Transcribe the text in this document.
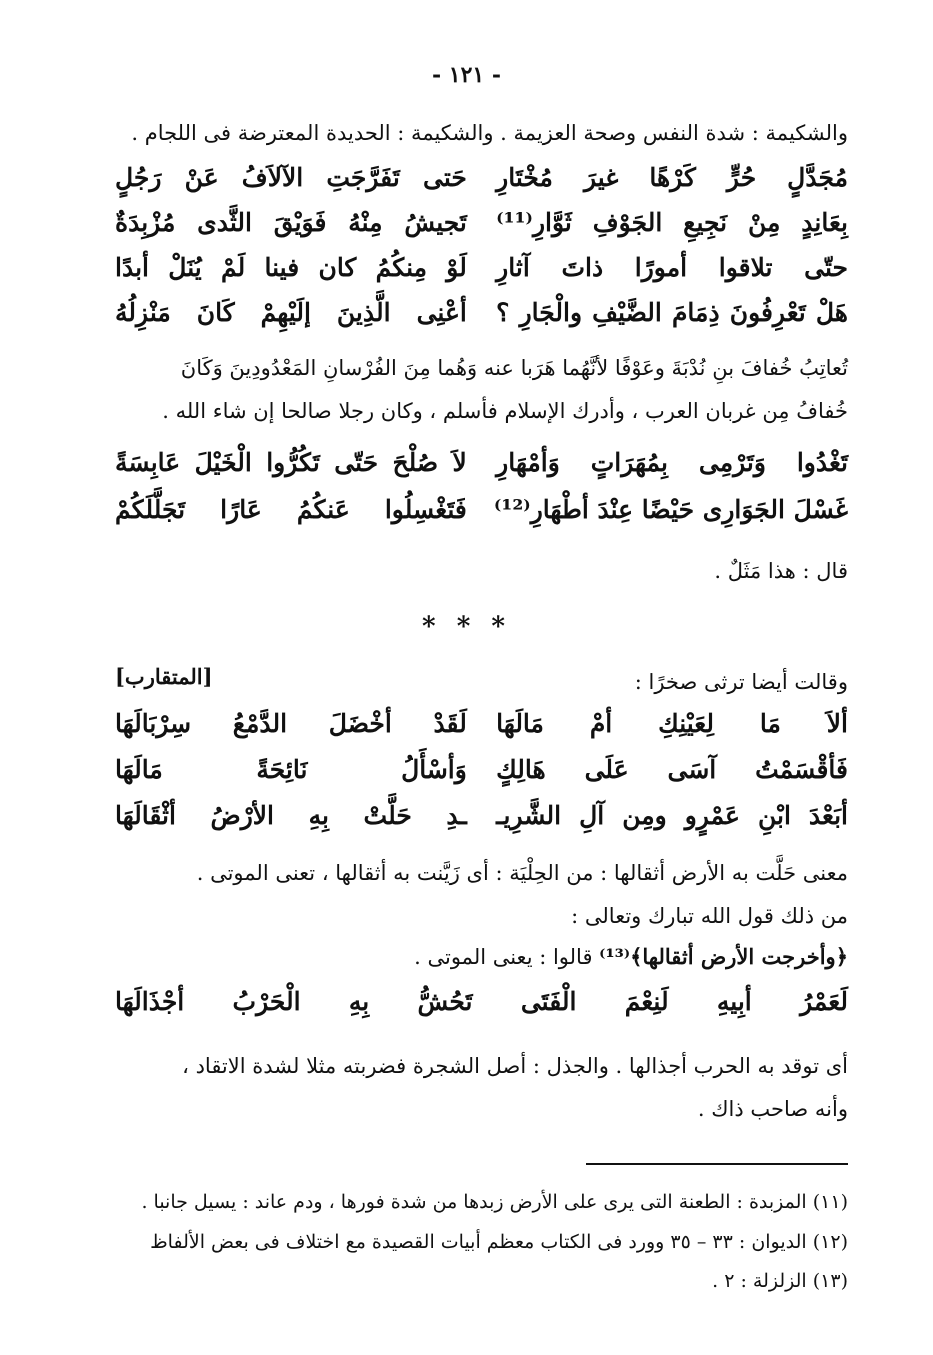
- ١٢١ -
والشكيمة : شدة النفس وصحة العزيمة . والشكيمة : الحديدة المعترضة فى اللجام .
مُجَدَّلٍ حُرٍّ كَرْهًا غيرَ مُخْتَارِ
حَتى تَفَرَّجَتِ الآلاَفُ عَنْ رَجُلٍ
بِعَانِدٍ مِنْ نَجِيعِ الجَوْفِ ثَوَّارِ⁽¹¹⁾
تَجيشُ مِنْهُ فَوَيْقَ الثَّدى مُزْبِدَةٌ
حتّى تلاقوا أمورًا ذاتَ آثارِ
لَوْ مِنكُمُ كان فينا لَمْ يُنَلْ أبدًا
هَلْ تَعْرِفُونَ ذِمَامَ الضَّيْفِ والْجَارِ ؟
أعْنِى الَّذِينَ إلَيْهِمْ كَانَ مَنْزِلُهُ
تُعاتِبُ خُفافَ بنِ نُدْبَةَ وعَوْفًا لأنَّهُما هَرَبا عنه وَهُما مِنَ الفُرْسانِ المَعْدُودِينَ وَكَانَ
خُفافُ مِن غربان العرب ، وأدرك الإسلام فأسلم ، وكان رجلا صالحا إن شاء الله .
تَغْدُوا وَتَرْمِى بِمُهَرَاتٍ وَأمْهَارِ
لاَ صُلْحَ حَتّى تَكُرُّوا الْخَيْلَ عَابِسَةً
غَسْلَ الجَوَارِى حَيْضًا عِنْدَ أطْهَارِ⁽¹²⁾
فَتَغْسِلُوا عَنكُمُ عَارًا تَجَلَّلَكُمْ
قال : هذا مَثَلٌ .
* * *
وقالت أيضا ترثى صخرًا :
[المتقارب]
ألاَ مَا لِعَيْنِكِ أمْ مَالَهَا
لَقَدْ أخْضَلَ الدَّمْعُ سِرْبَالَهَا
فَأقْسَمْتُ آسَى عَلَى هَالِكٍ
وَأسْأَلُ نَائِحَةً مَالَهَا
أبَعْدَ ابْنِ عَمْرٍو ومِن آلِ الشَّرِيـ
ـدِ حَلَّتْ بِهِ الأرْضُ أثْقَالَهَا
معنى حَلَّت به الأرض أثقالها : من الحِلْيَة : أى زَيَّنت به أثقالها ، تعنى الموتى .
من ذلك قول الله تبارك وتعالى :
﴿وأخرجت الأرض أثقالها﴾⁽¹³⁾ قالوا : يعنى الموتى .
لَعَمْرُ أبِيهِ لَنِعْمَ الْفَتَى تَحُشُّ بِهِ الْحَرْبُ أجْذَالَهَا
أى توقد به الحرب أجذالها . والجذل : أصل الشجرة فضربته مثلا لشدة الاتقاد ،
وأنه صاحب ذاك .
(١١) المزبدة : الطعنة التى يرى على الأرض زبدها من شدة فورها ، ودم عاند : يسيل جانبا .
(١٢) الديوان : ٣٣ – ٣٥ وورد فى الكتاب معظم أبيات القصيدة مع اختلاف فى بعض الألفاظ
(١٣) الزلزلة : ٢ .
